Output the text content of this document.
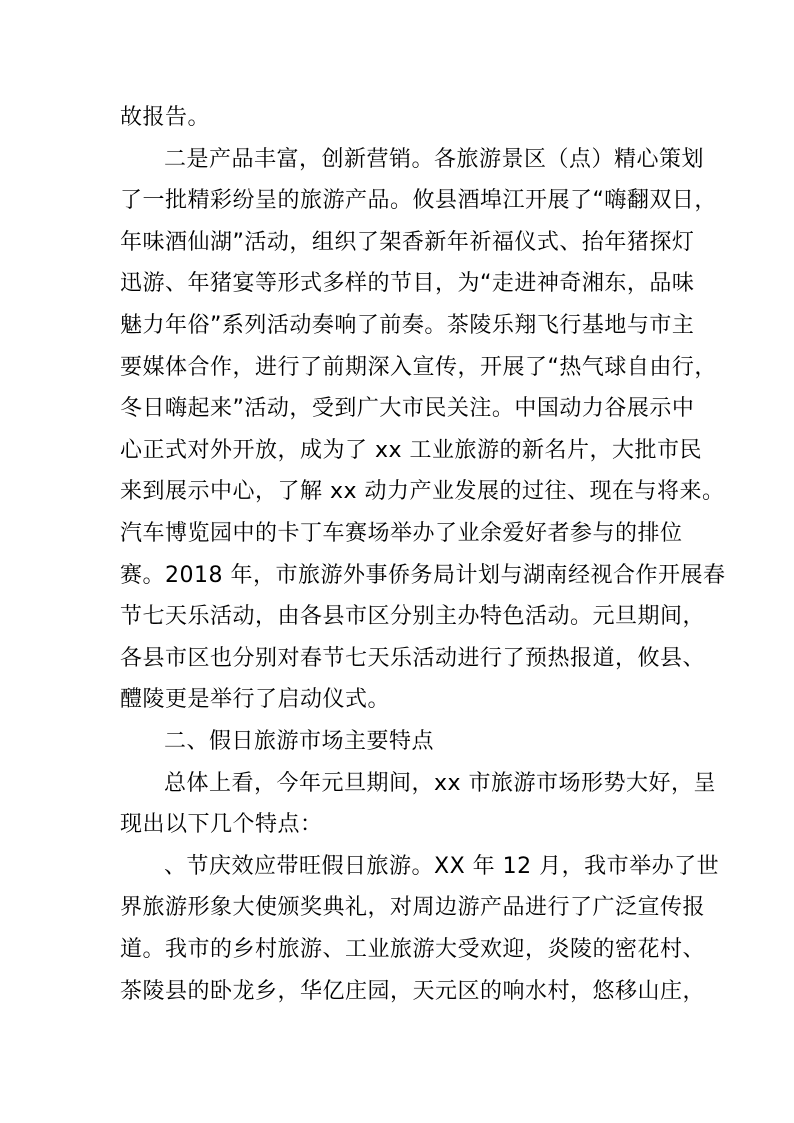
故报告。
二是产品丰富，创新营销。各旅游景区（点）精心策划
了一批精彩纷呈的旅游产品。攸县酒埠江开展了“嗨翻双日，
年味酒仙湖”活动，组织了架香新年祈福仪式、抬年猪探灯
迅游、年猪宴等形式多样的节目，为“走进神奇湘东，品味
魅力年俗”系列活动奏响了前奏。茶陵乐翔飞行基地与市主
要媒体合作，进行了前期深入宣传，开展了“热气球自由行，
冬日嗨起来”活动，受到广大市民关注。中国动力谷展示中
心正式对外开放，成为了 xx 工业旅游的新名片，大批市民
来到展示中心，了解 xx 动力产业发展的过往、现在与将来。
汽车博览园中的卡丁车赛场举办了业余爱好者参与的排位
赛。2018 年，市旅游外事侨务局计划与湖南经视合作开展春
节七天乐活动，由各县市区分别主办特色活动。元旦期间，
各县市区也分别对春节七天乐活动进行了预热报道，攸县、
醴陵更是举行了启动仪式。
二、假日旅游市场主要特点
总体上看，今年元旦期间，xx 市旅游市场形势大好，呈
现出以下几个特点：
、节庆效应带旺假日旅游。XX 年 12 月，我市举办了世
界旅游形象大使颁奖典礼，对周边游产品进行了广泛宣传报
道。我市的乡村旅游、工业旅游大受欢迎，炎陵的密花村、
茶陵县的卧龙乡，华亿庄园，天元区的响水村，悠移山庄，
